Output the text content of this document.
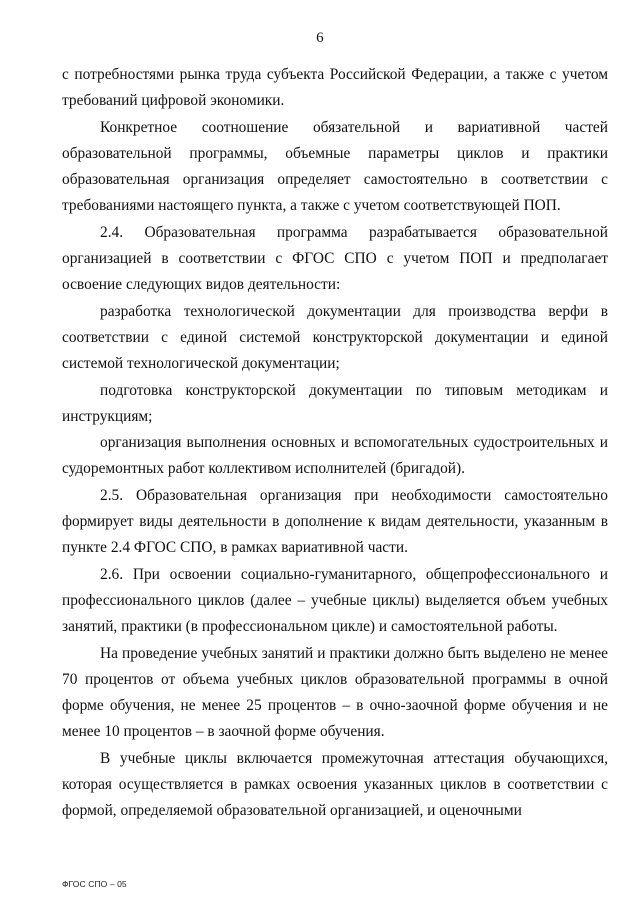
6

с потребностями рынка труда субъекта Российской Федерации, а также с учетом требований цифровой экономики.

Конкретное соотношение обязательной и вариативной частей образовательной программы, объемные параметры циклов и практики образовательная организация определяет самостоятельно в соответствии с требованиями настоящего пункта, а также с учетом соответствующей ПОП.

2.4. Образовательная программа разрабатывается образовательной организацией в соответствии с ФГОС СПО с учетом ПОП и предполагает освоение следующих видов деятельности:

разработка технологической документации для производства верфи в соответствии с единой системой конструкторской документации и единой системой технологической документации;

подготовка конструкторской документации по типовым методикам и инструкциям;

организация выполнения основных и вспомогательных судостроительных и судоремонтных работ коллективом исполнителей (бригадой).

2.5. Образовательная организация при необходимости самостоятельно формирует виды деятельности в дополнение к видам деятельности, указанным в пункте 2.4 ФГОС СПО, в рамках вариативной части.

2.6. При освоении социально-гуманитарного, общепрофессионального и профессионального циклов (далее – учебные циклы) выделяется объем учебных занятий, практики (в профессиональном цикле) и самостоятельной работы.

На проведение учебных занятий и практики должно быть выделено не менее 70 процентов от объема учебных циклов образовательной программы в очной форме обучения, не менее 25 процентов – в очно-заочной форме обучения и не менее 10 процентов – в заочной форме обучения.

В учебные циклы включается промежуточная аттестация обучающихся, которая осуществляется в рамках освоения указанных циклов в соответствии с формой, определяемой образовательной организацией, и оценочными

ФГОС СПО – 05
